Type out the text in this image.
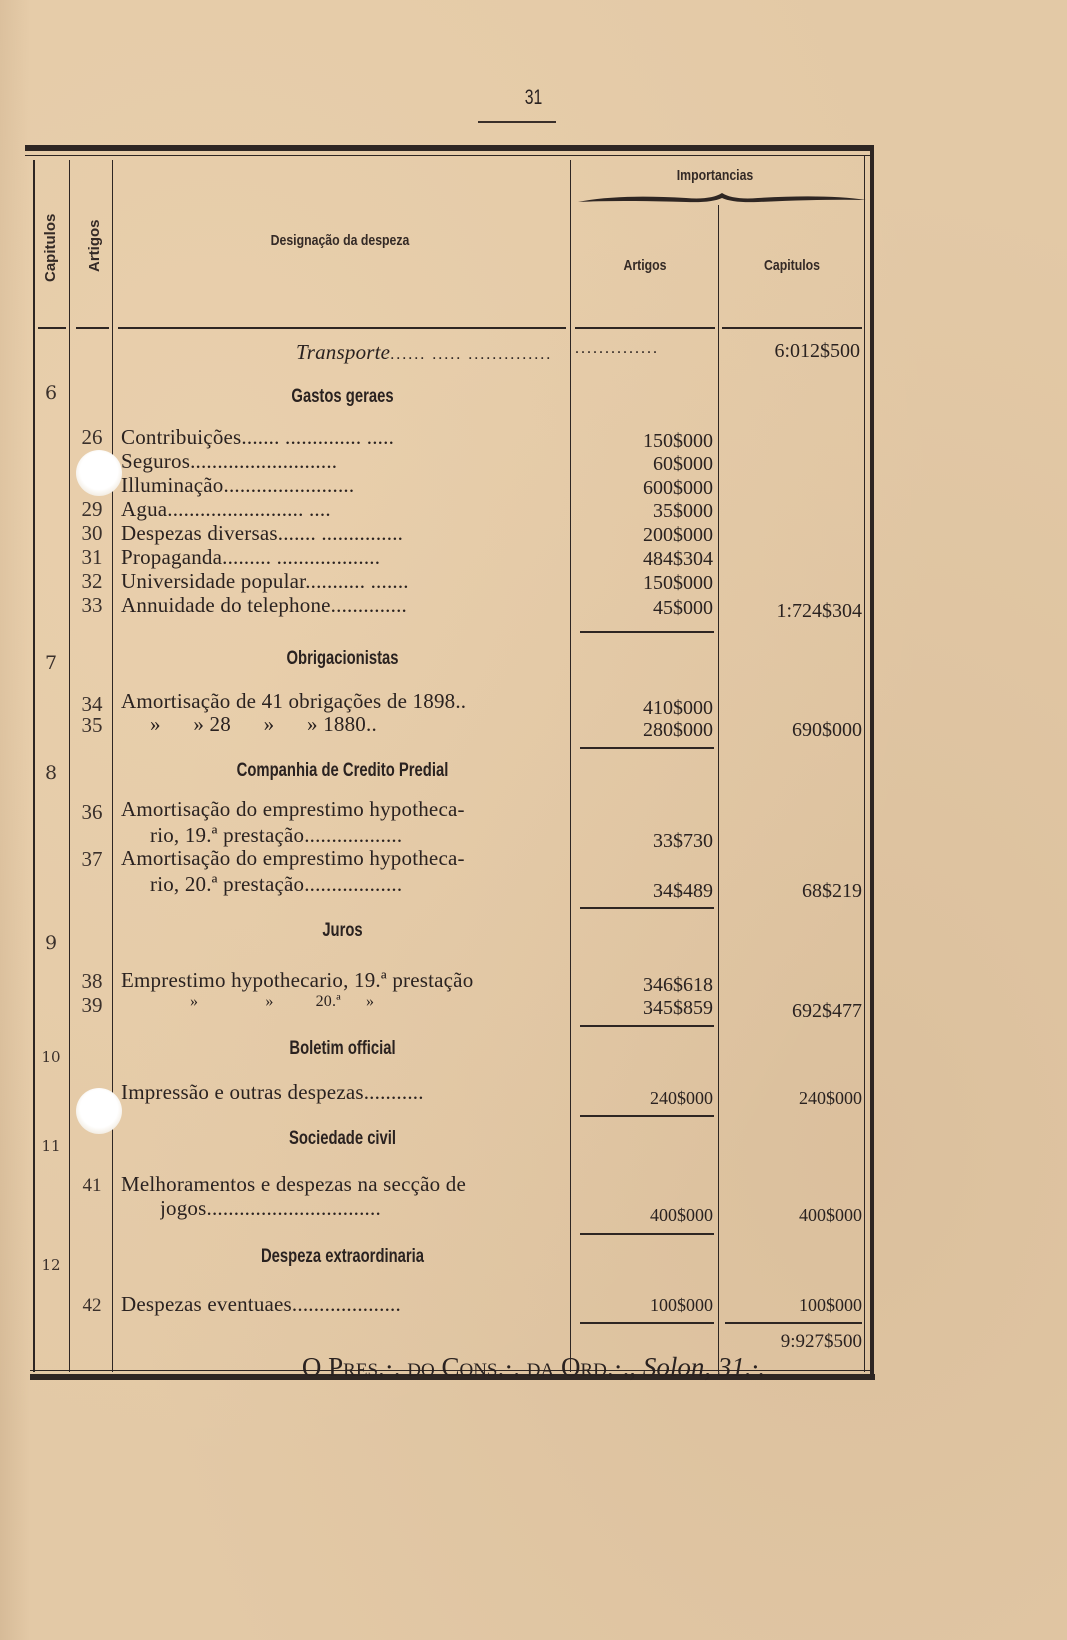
31
Capitulos Artigos	Designação da despeza
Importancias
Artigos	Capitulos
Transporte...... ..... ..............	..............	6:012$500
6	Gastos geraes
26 Contribuições....... .............. .....	150$000
Seguros...........................	60$000
Illuminação........................	600$000
29 Agua......................... ....	35$000
30 Despezas diversas....... ...............	200$000
31 Propaganda......... ...................	484$304
32 Universidade popular........... .......	150$000
33 Annuidade do telephone..............	45$000	1:724$304
7	Obrigacionistas
34 Amortisação de 41 obrigações de 1898..	410$000
35	»      » 28      »      » 1880..	280$000	690$000
8	Companhia de Credito Predial
36 Amortisação do emprestimo hypotheca-
rio, 19.ª prestação..................	33$730
37 Amortisação do emprestimo hypotheca-
rio, 20.ª prestação..................	34$489	68$219
9
Juros
38 Emprestimo hypothecario, 19.ª prestação	346$618
39	»                »          20.ª      »	345$859	692$477
10	Boletim official
Impressão e outras despezas...........	240$000	240$000
11	Sociedade civil
41 Melhoramentos e despezas na secção de
jogos................................	400$000	400$000
12	Despeza extraordinaria
42 Despezas eventuaes....................	100$000	100$000
9:927$500
O Pres.·. do Cons.·. da Ord.·., Solon, 31.·.
